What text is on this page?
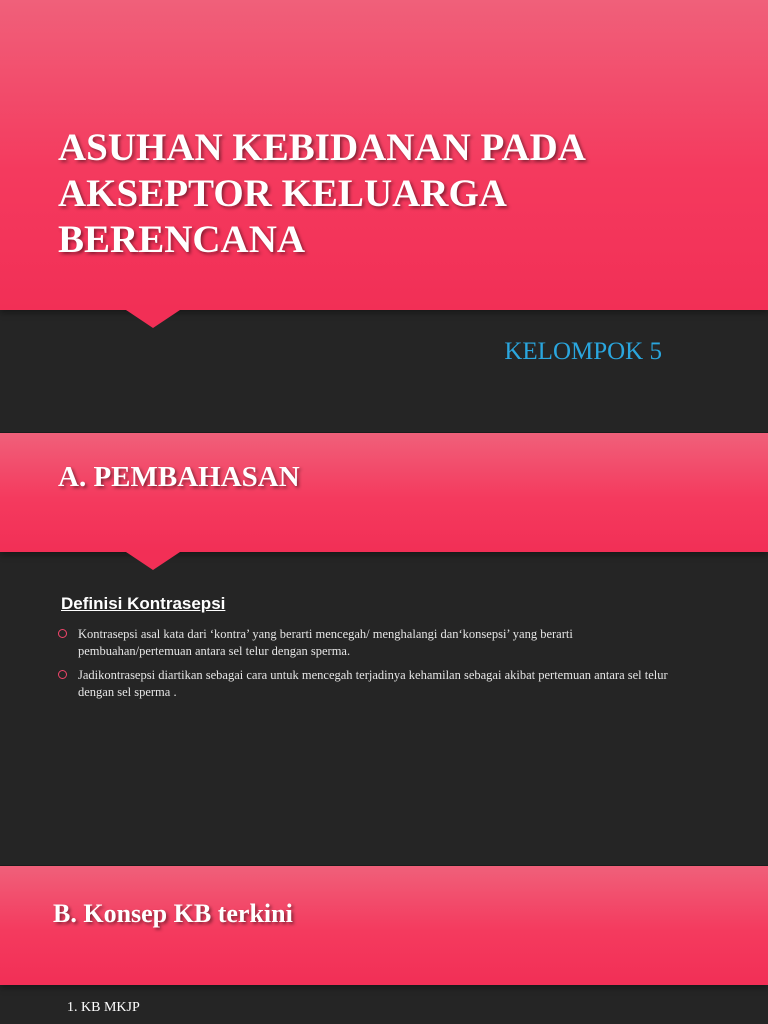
ASUHAN KEBIDANAN PADA AKSEPTOR KELUARGA BERENCANA

KELOMPOK 5

A. PEMBAHASAN
Definisi Kontrasepsi
Kontrasepsi asal kata dari ‘kontra’ yang berarti mencegah/ menghalangi dan‘konsepsi’ yang berarti pembuahan/pertemuan antara sel telur dengan sperma.
Jadikontrasepsi diartikan sebagai cara untuk mencegah terjadinya kehamilan sebagai akibat pertemuan antara sel telur dengan sel sperma .
B. Konsep KB terkini

1. KB MKJP
